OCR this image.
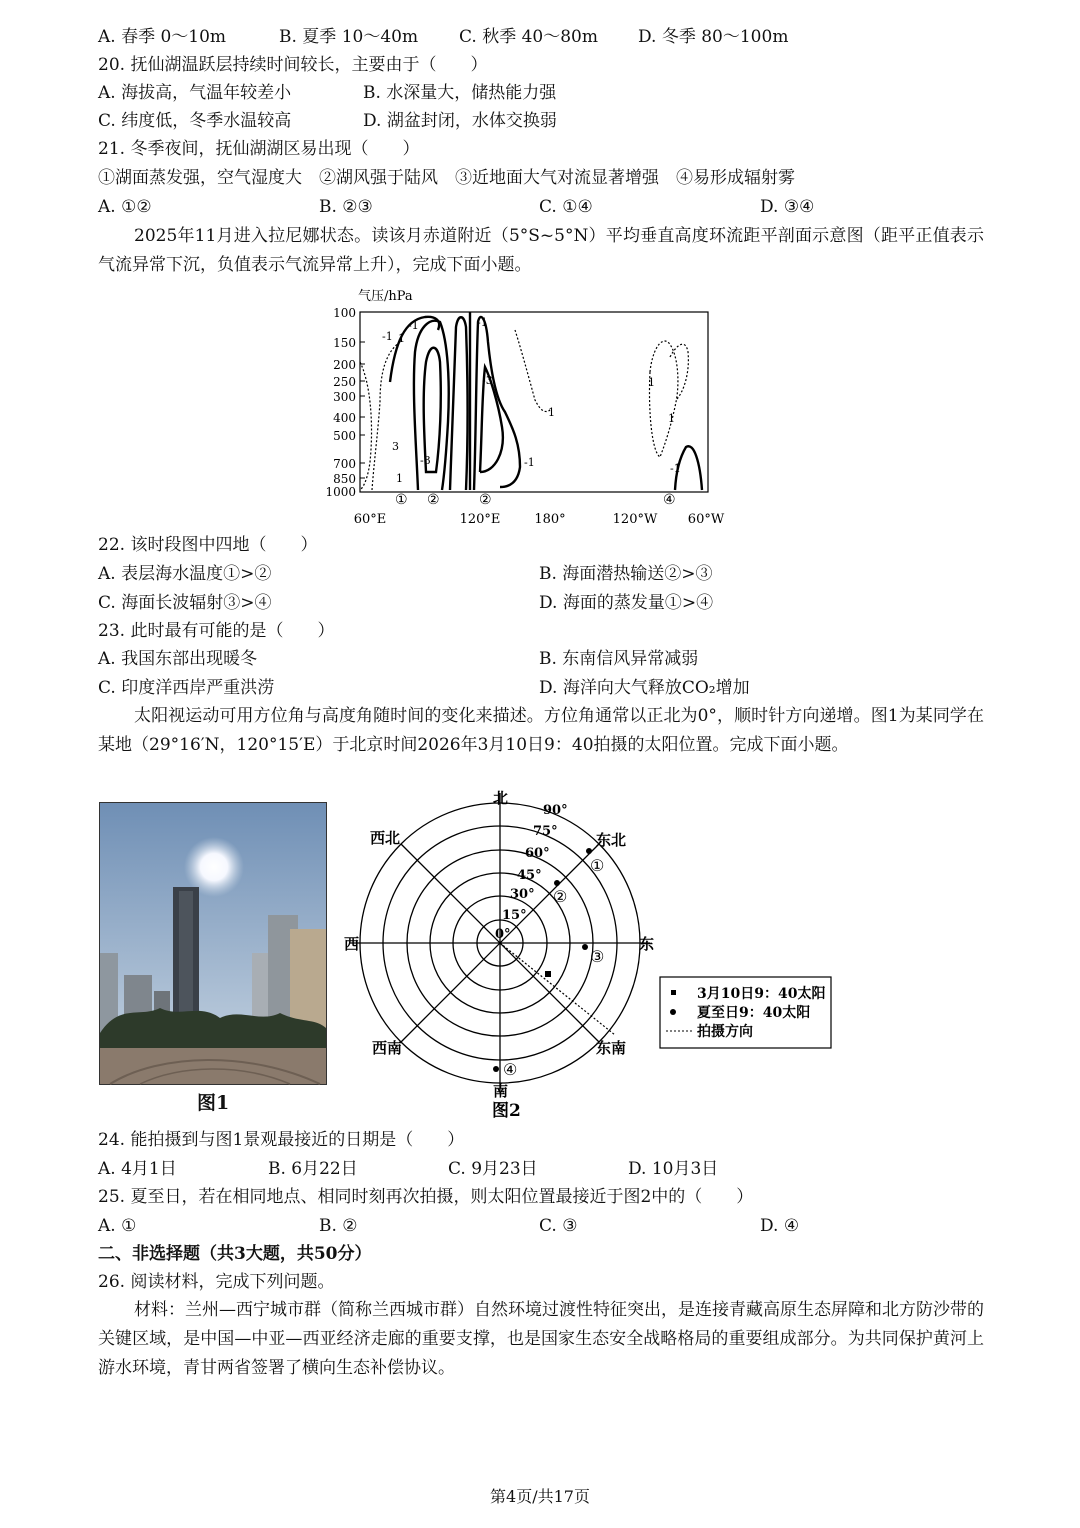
A. 春季 0～10m	B. 夏季 10～40m C. 秋季 40～80m D. 冬季 80～100m
20. 抚仙湖温跃层持续时间较长，主要由于（　　）
A. 海拔高，气温年较差小	B. 水深量大，储热能力强
C. 纬度低，冬季水温较高	D. 湖盆封闭，水体交换弱
21. 冬季夜间，抚仙湖湖区易出现（　　）
①湖面蒸发强，空气湿度大　②湖风强于陆风　③近地面大气对流显著增强　④易形成辐射雾
A. ①②	B. ②③	C. ①④	D. ③④
2025年11月进入拉尼娜状态。读该月赤道附近（5°S~5°N）平均垂直高度环流距平剖面示意图（距平正值表示气流异常下沉，负值表示气流异常上升），完成下面小题。
气压/hPa
100
150
200
250
300
400
500
700
850
1000
-1 1
-1	-1
-3
1
3
-3	-1
1
-1
1
1
① ②	②	④
60°E	120°E	180°	120°W 60°W
22. 该时段图中四地（　　）
A. 表层海水温度①>②	B. 海面潜热输送②>③
C. 海面长波辐射③>④	D. 海面的蒸发量①>④
23. 此时最有可能的是（　　）
A. 我国东部出现暖冬	B. 东南信风异常减弱
C. 印度洋西岸严重洪涝	D. 海洋向大气释放CO₂增加
太阳视运动可用方位角与高度角随时间的变化来描述。方位角通常以正北为0°，顺时针方向递增。图1为某同学在某地（29°16′N，120°15′E）于北京时间2026年3月10日9：40拍摄的太阳位置。完成下面小题。
图1
北
南
东
西
东北
西北
东南
西南
90°
75°
60°
45°
30°
15°
0°
①
②
③
④
3月10日9：40太阳
夏至日9：40太阳
拍摄方向
图2
24. 能拍摄到与图1景观最接近的日期是（　　）
A. 4月1日	B. 6月22日	C. 9月23日	D. 10月3日
25. 夏至日，若在相同地点、相同时刻再次拍摄，则太阳位置最接近于图2中的（　　）
A. ①	B. ②	C. ③	D. ④
二、非选择题（共3大题，共50分）
26. 阅读材料，完成下列问题。
材料：兰州—西宁城市群（简称兰西城市群）自然环境过渡性特征突出，是连接青藏高原生态屏障和北方防沙带的关键区域，是中国—中亚—西亚经济走廊的重要支撑，也是国家生态安全战略格局的重要组成部分。为共同保护黄河上游水环境，青甘两省签署了横向生态补偿协议。
第4页/共17页
